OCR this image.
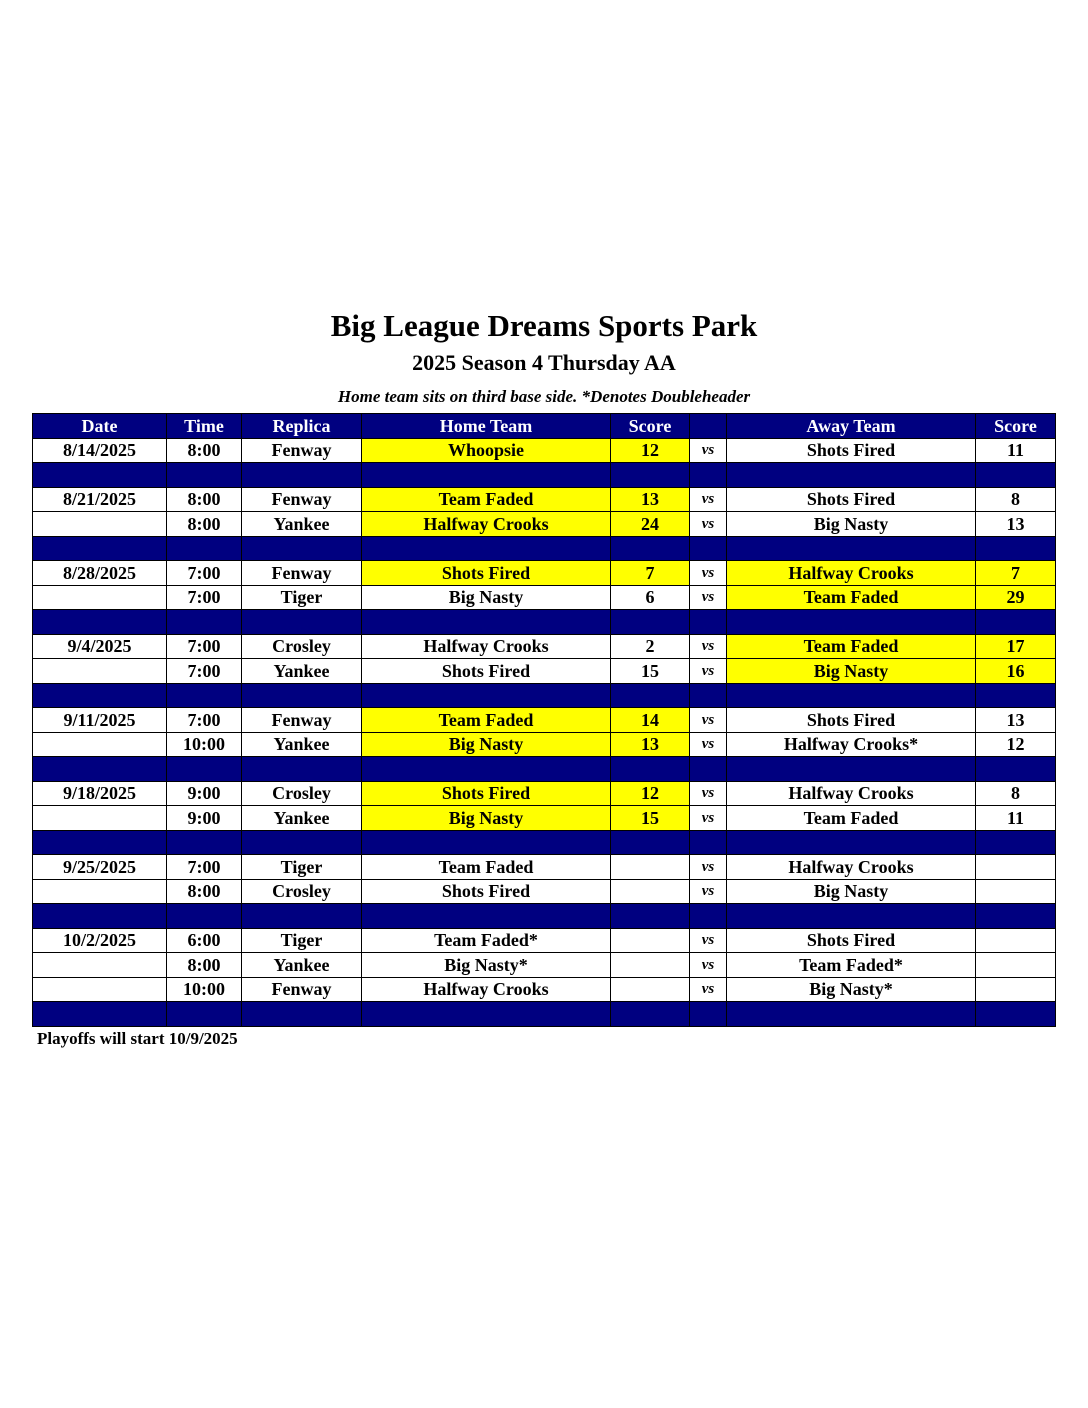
Big League Dreams Sports Park
2025 Season 4 Thursday AA
Home team sits on third base side. *Denotes Doubleheader
Date	Time	Replica	Home Team	Score		Away Team	Score
8/14/2025	8:00	Fenway	Whoopsie	12	vs	Shots Fired	11

8/21/2025	8:00	Fenway	Team Faded	13	vs	Shots Fired	8
	8:00	Yankee	Halfway Crooks	24	vs	Big Nasty	13

8/28/2025	7:00	Fenway	Shots Fired	7	vs	Halfway Crooks	7
	7:00	Tiger	Big Nasty	6	vs	Team Faded	29

9/4/2025	7:00	Crosley	Halfway Crooks	2	vs	Team Faded	17
	7:00	Yankee	Shots Fired	15	vs	Big Nasty	16

9/11/2025	7:00	Fenway	Team Faded	14	vs	Shots Fired	13
	10:00	Yankee	Big Nasty	13	vs	Halfway Crooks*	12

9/18/2025	9:00	Crosley	Shots Fired	12	vs	Halfway Crooks	8
	9:00	Yankee	Big Nasty	15	vs	Team Faded	11

9/25/2025	7:00	Tiger	Team Faded		vs	Halfway Crooks	
	8:00	Crosley	Shots Fired		vs	Big Nasty	

10/2/2025	6:00	Tiger	Team Faded*		vs	Shots Fired	
	8:00	Yankee	Big Nasty*		vs	Team Faded*	
	10:00	Fenway	Halfway Crooks		vs	Big Nasty*	

Playoffs will start 10/9/2025
